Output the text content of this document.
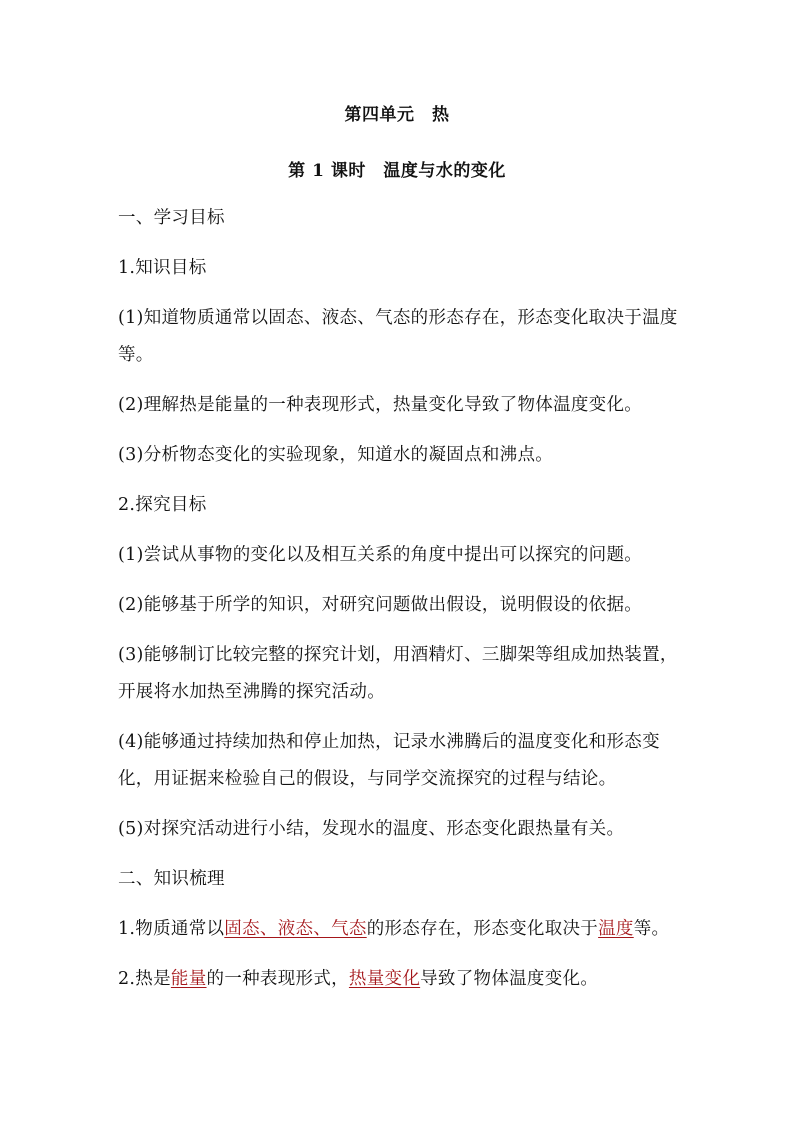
第四单元　热
第 1 课时　温度与水的变化

一、学习目标

1.知识目标

(1)知道物质通常以固态、液态、气态的形态存在，形态变化取决于温度等。

(2)理解热是能量的一种表现形式，热量变化导致了物体温度变化。

(3)分析物态变化的实验现象，知道水的凝固点和沸点。

2.探究目标

(1)尝试从事物的变化以及相互关系的角度中提出可以探究的问题。

(2)能够基于所学的知识，对研究问题做出假设，说明假设的依据。

(3)能够制订比较完整的探究计划，用酒精灯、三脚架等组成加热装置，开展将水加热至沸腾的探究活动。

(4)能够通过持续加热和停止加热，记录水沸腾后的温度变化和形态变化，用证据来检验自己的假设，与同学交流探究的过程与结论。

(5)对探究活动进行小结，发现水的温度、形态变化跟热量有关。

二、知识梳理

1.物质通常以固态、液态、气态的形态存在，形态变化取决于温度等。

2.热是能量的一种表现形式，热量变化导致了物体温度变化。
